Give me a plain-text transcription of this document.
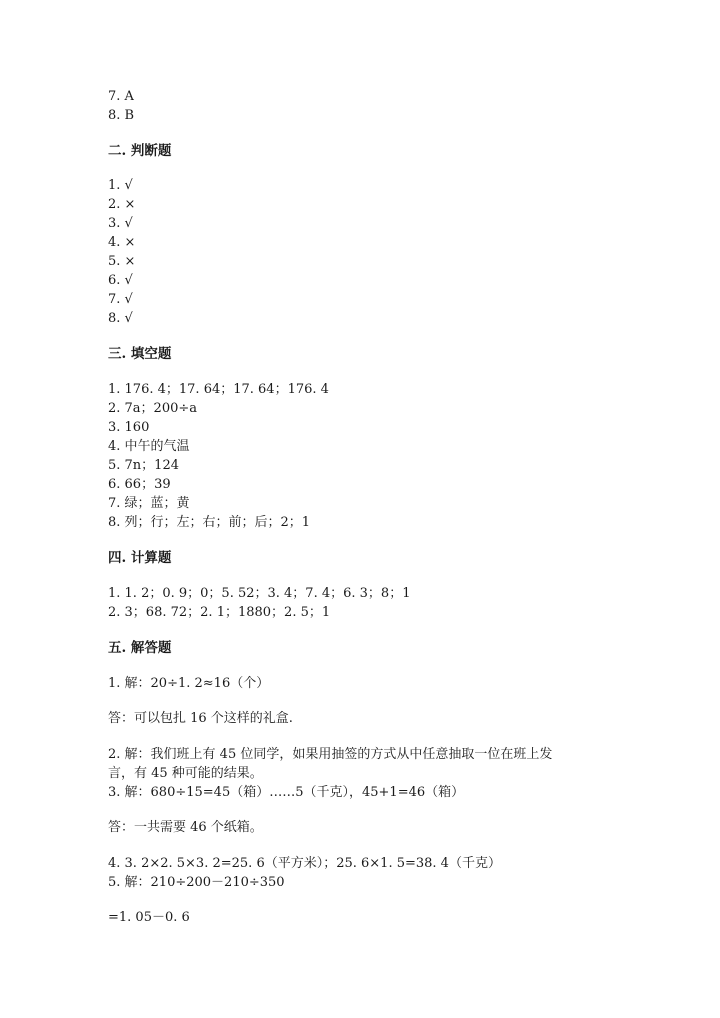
7. A
8. B
二. 判断题
1. √
2. ×
3. √
4. ×
5. ×
6. √
7. √
8. √
三. 填空题
1. 176. 4；17. 64；17. 64；176. 4
2. 7a；200÷a
3. 160
4. 中午的气温
5. 7n；124
6. 66；39
7. 绿；蓝；黄
8. 列；行；左；右；前；后；2；1
四. 计算题
1. 1. 2；0. 9；0；5. 52；3. 4；7. 4；6. 3；8；1
2. 3；68. 72；2. 1；1880；2. 5；1
五. 解答题
1. 解：20÷1. 2≈16（个）
答：可以包扎 16 个这样的礼盒.
2. 解：我们班上有 45 位同学，如果用抽签的方式从中任意抽取一位在班上发
言，有 45 种可能的结果。
3. 解：680÷15=45（箱）……5（千克），45+1=46（箱）
答：一共需要 46 个纸箱。
4. 3. 2×2. 5×3. 2=25. 6（平方米）；25. 6×1. 5=38. 4（千克）
5. 解：210÷200－210÷350
=1. 05－0. 6
